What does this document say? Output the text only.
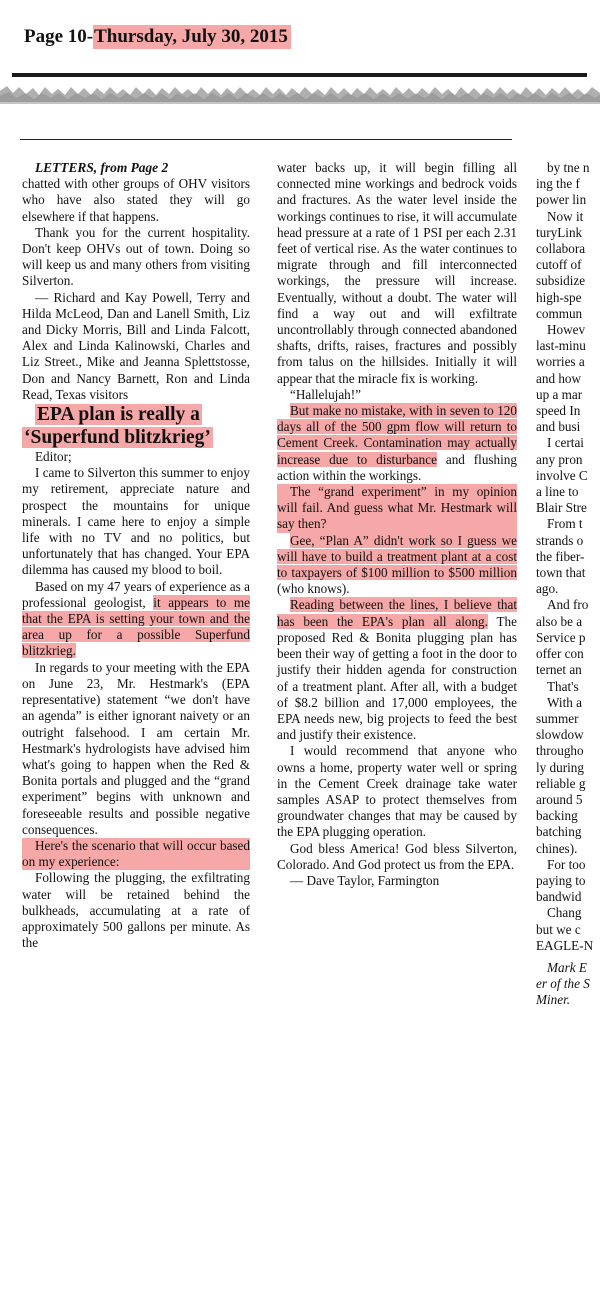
Page 10-Thursday, July 30, 2015

LETTERS, from Page 2

chatted with other groups of OHV visitors who have also stated they will go elsewhere if that happens.

Thank you for the current hospitality. Don't keep OHVs out of town. Doing so will keep us and many others from visiting Silverton.

— Richard and Kay Powell, Terry and Hilda McLeod, Dan and Lanell Smith, Liz and Dicky Morris, Bill and Linda Falcott, Alex and Linda Kalinowski, Charles and Liz Street., Mike and Jeanna Splettstosse, Don and Nancy Barnett, Ron and Linda Read, Texas visitors

EPA plan is really a
‘Superfund blitzkrieg’

Editor;

I came to Silverton this summer to enjoy my retirement, appreciate nature and prospect the mountains for unique minerals. I came here to enjoy a simple life with no TV and no politics, but unfortunately that has changed. Your EPA dilemma has caused my blood to boil.

Based on my 47 years of experience as a professional geologist, it appears to me that the EPA is setting your town and the area up for a possible Superfund blitzkrieg.

In regards to your meeting with the EPA on June 23, Mr. Hestmark's (EPA representative) statement “we don't have an agenda” is either ignorant naivety or an outright falsehood. I am certain Mr. Hestmark's hydrologists have advised him what's going to happen when the Red & Bonita portals and plugged and the “grand experiment” begins with unknown and foreseeable results and possible negative consequences.

Here's the scenario that will occur based on my experience:

Following the plugging, the exfiltrating water will be retained behind the bulkheads, accumulating at a rate of approximately 500 gallons per minute. As the

water backs up, it will begin filling all connected mine workings and bedrock voids and fractures. As the water level inside the workings continues to rise, it will accumulate head pressure at a rate of 1 PSI per each 2.31 feet of vertical rise. As the water continues to migrate through and fill interconnected workings, the pressure will increase. Eventually, without a doubt. The water will find a way out and will exfiltrate uncontrollably through connected abandoned shafts, drifts, raises, fractures and possibly from talus on the hillsides. Initially it will appear that the miracle fix is working.

“Hallelujah!”

But make no mistake, with in seven to 120 days all of the 500 gpm flow will return to Cement Creek. Contamination may actually increase due to disturbance and flushing action within the workings.

The “grand experiment” in my opinion will fail. And guess what Mr. Hestmark will say then?

Gee, “Plan A” didn't work so I guess we will have to build a treatment plant at a cost to taxpayers of $100 million to $500 million (who knows).

Reading between the lines, I believe that has been the EPA's plan all along. The proposed Red & Bonita plugging plan has been their way of getting a foot in the door to justify their hidden agenda for construction of a treatment plant. After all, with a budget of $8.2 billion and 17,000 employees, the EPA needs new, big projects to feed the best and justify their existence.

I would recommend that anyone who owns a home, property water well or spring in the Cement Creek drainage take water samples ASAP to protect themselves from groundwater changes that may be caused by the EPA plugging operation.

God bless America! God bless Silverton, Colorado. And God protect us from the EPA.

— Dave Taylor, Farmington

by tne n
ing the f
power lin

Now it
turyLink
collabora
cutoff of
subsidize
high-spe
commun

Howev
last-minu
worries a
and how
up a mar
speed In
and busi

I certai
any pron
involve C
a line to
Blair Stre

From t
strands o
the fiber-
town that
ago.

And fro
also be a
Service p
offer con
ternet an

That's

With a
summer
slowdow
througho
ly during
reliable g
around 5
backing
batching
chines).

For too
paying to
bandwid

Chang
but we c
EAGLE-N

Mark E
er of the S
Miner.
